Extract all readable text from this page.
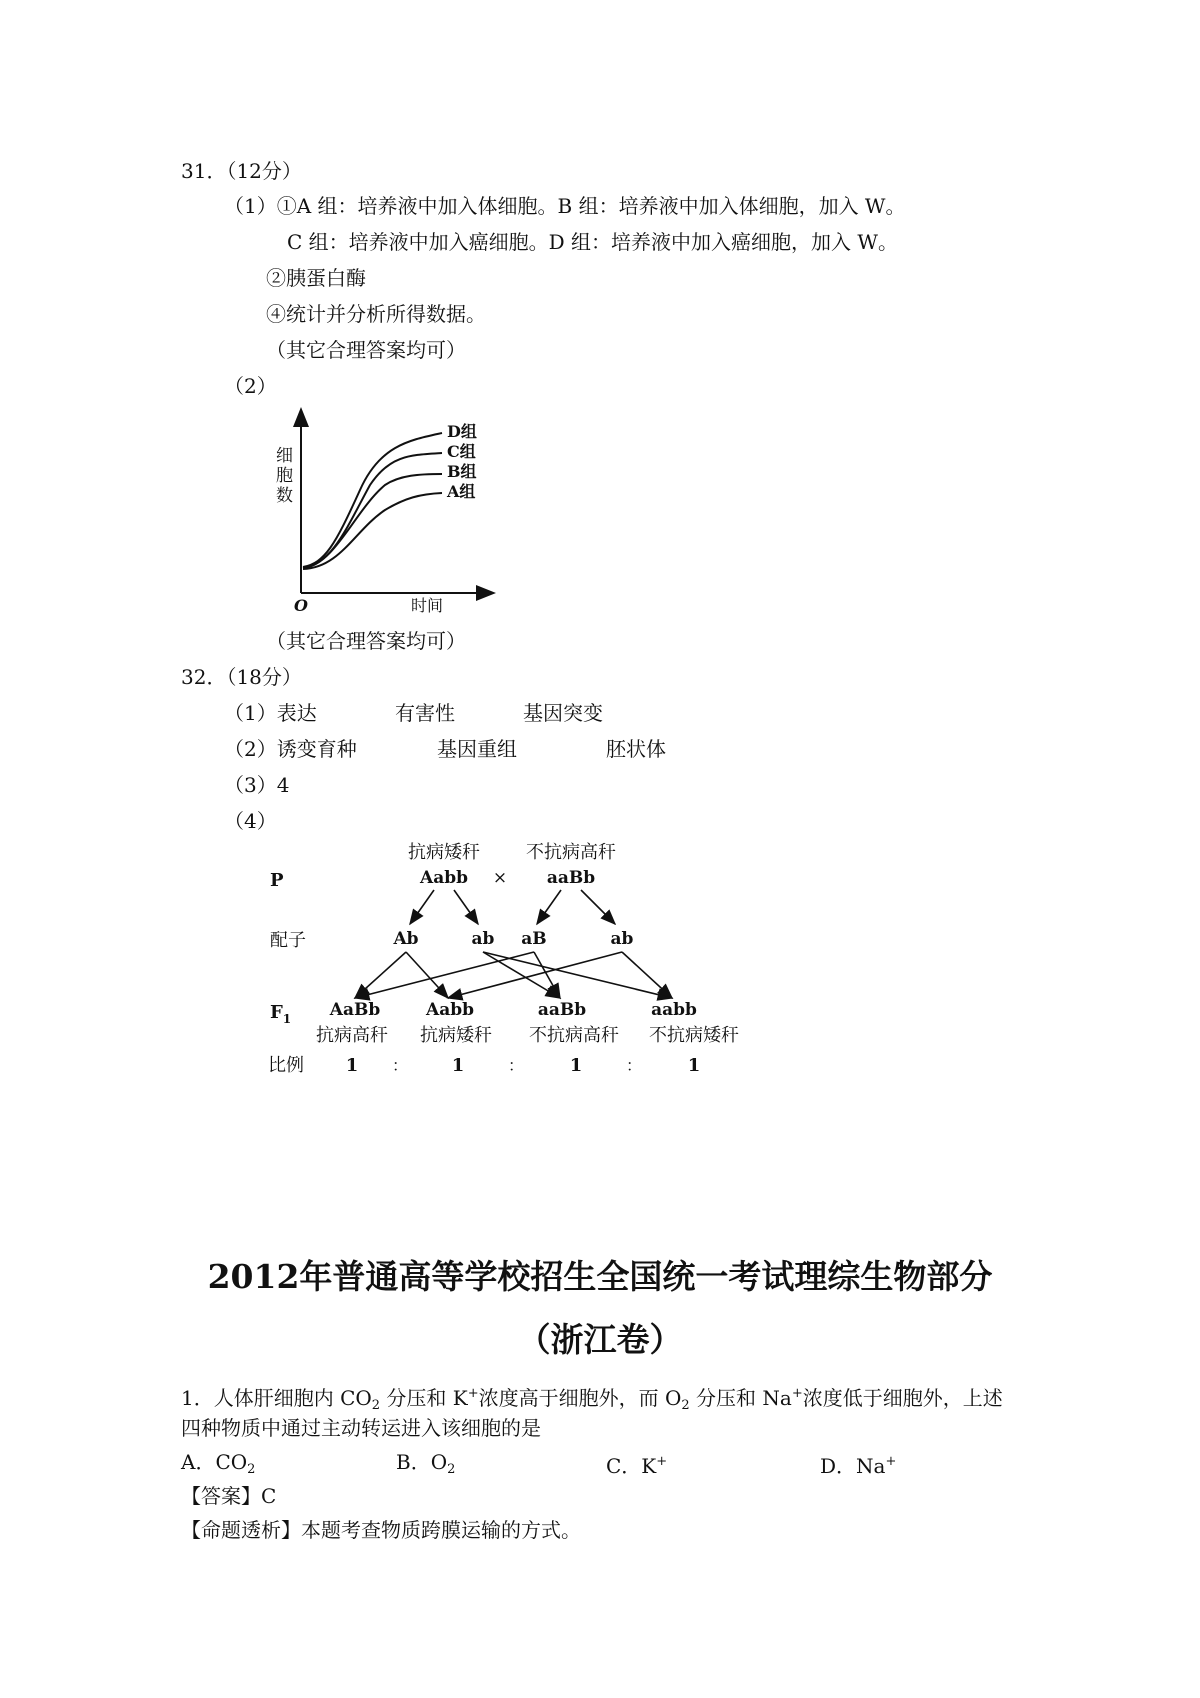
31．（12分）
（1）①A 组：培养液中加入体细胞。B 组：培养液中加入体细胞，加入 W。
C 组：培养液中加入癌细胞。D 组：培养液中加入癌细胞，加入 W。
②胰蛋白酶
④统计并分析所得数据。
（其它合理答案均可）
（2）
细
胞
数
O	时间
D组
C组
B组
A组
（其它合理答案均可）
32．（18分）
（1）表达	有害性	基因突变
（2）诱变育种	基因重组	胚状体
（3）4
（4）
P
抗病矮秆
Aabb ×
不抗病高秆
aaBb
配子	Ab	ab aB	ab
$F_1$ AaBb	Aabb	aaBb	aabb
抗病高秆 抗病矮秆 不抗病高秆 不抗病矮秆
比例 1 ： 1	：	1	：	1
2012年普通高等学校招生全国统一考试理综生物部分
（浙江卷）
1．人体肝细胞内 $CO_2$ 分压和 K+浓度高于细胞外，而 $O_2$ 分压和 Na+浓度低于细胞外，上述
四种物质中通过主动转运进入该细胞的是
A．$CO_2$	B．$O_2$	C．K+	D．Na+
【答案】C
【命题透析】本题考查物质跨膜运输的方式。
